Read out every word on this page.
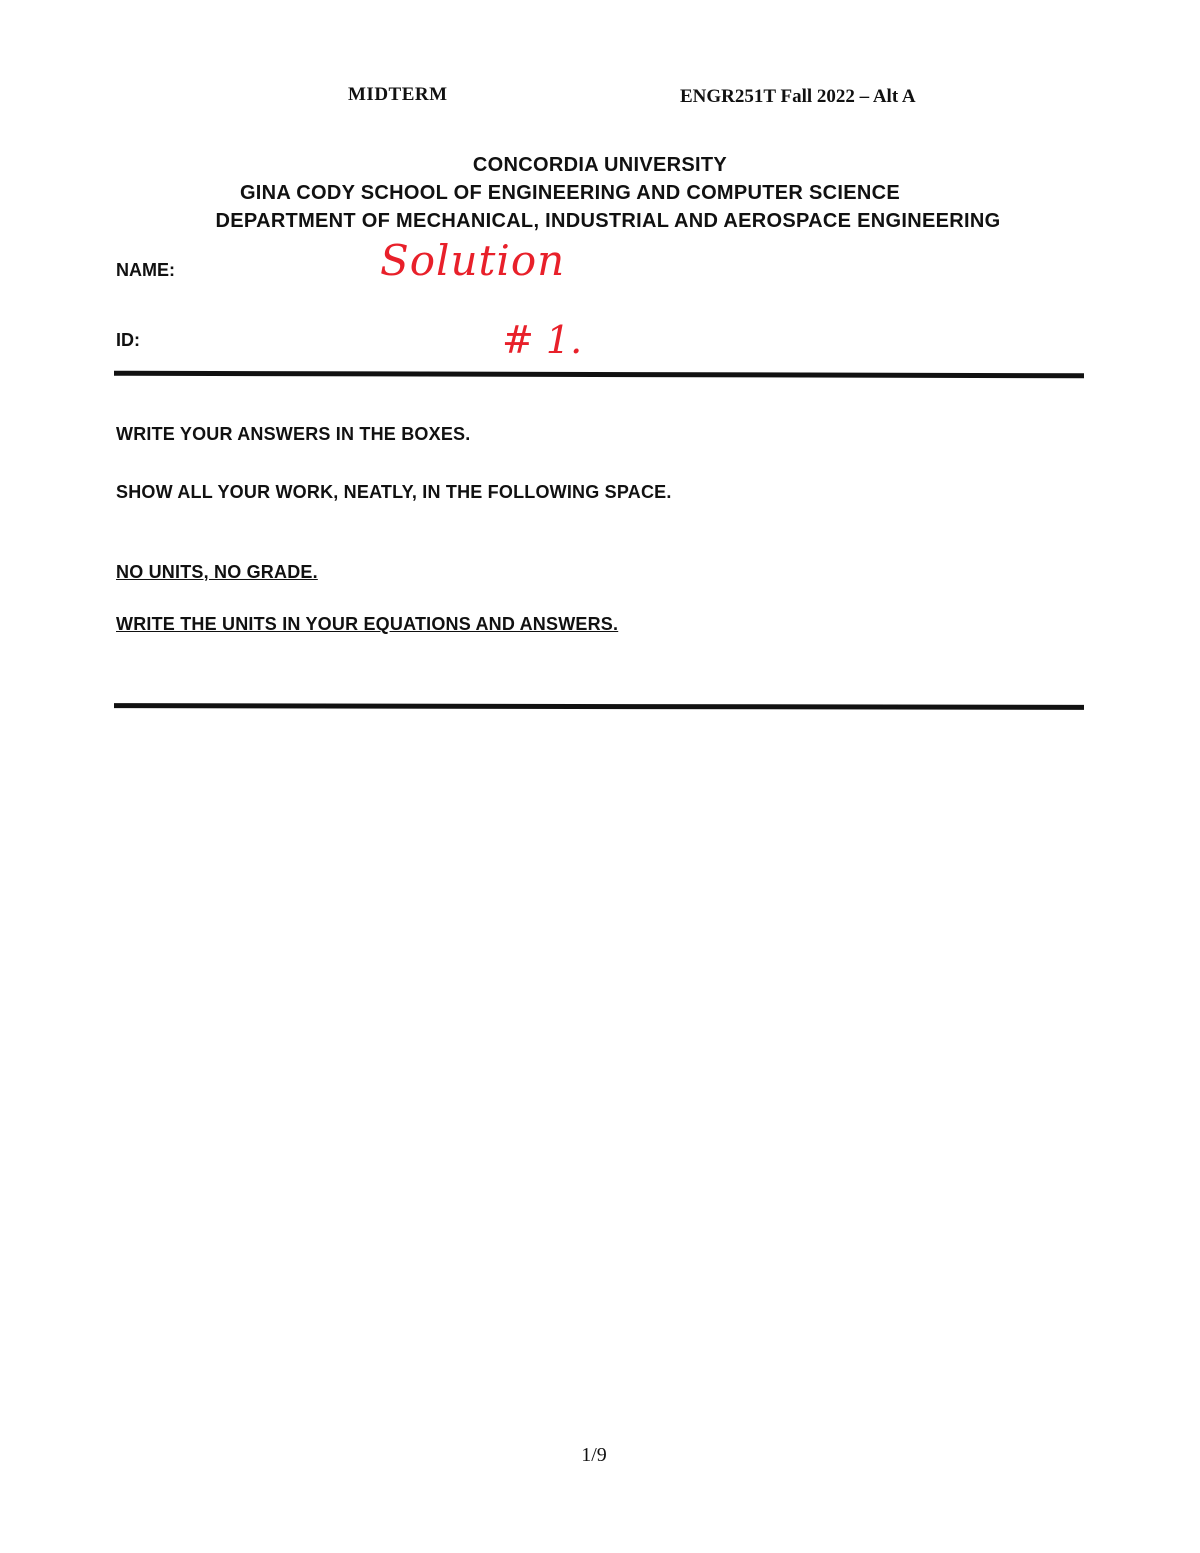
MIDTERM	ENGR251T Fall 2022 – Alt A
CONCORDIA UNIVERSITY
GINA CODY SCHOOL OF ENGINEERING AND COMPUTER SCIENCE
DEPARTMENT OF MECHANICAL, INDUSTRIAL AND AEROSPACE ENGINEERING
NAME:	Solution
ID:	# 1.
WRITE YOUR ANSWERS IN THE BOXES.
SHOW ALL YOUR WORK, NEATLY, IN THE FOLLOWING SPACE.
NO UNITS, NO GRADE.
WRITE THE UNITS IN YOUR EQUATIONS AND ANSWERS.
1/9
